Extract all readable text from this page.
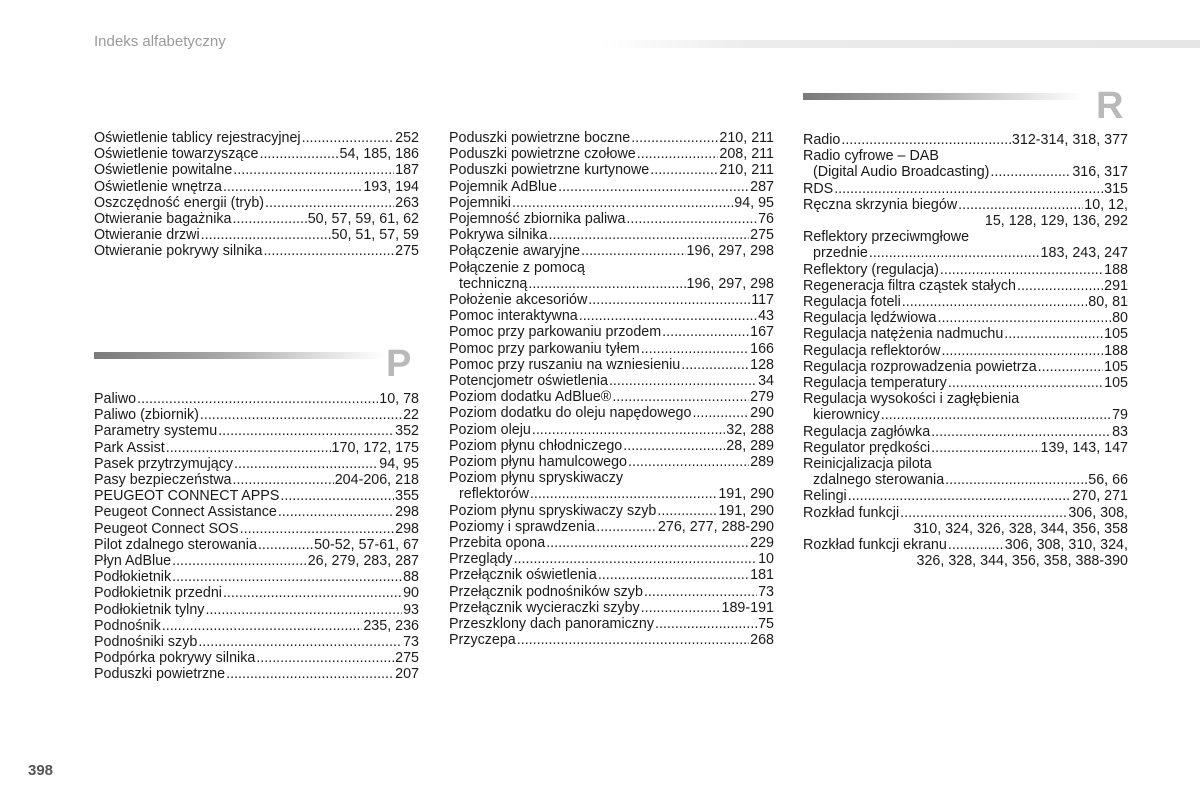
Indeks alfabetyczny
Oświetlenie tablicy rejestracyjnej .....	252
Oświetlenie towarzyszące .....	54, 185, 186
Oświetlenie powitalne .....	187
Oświetlenie wnętrza .....	193, 194
Oszczędność energii (tryb) .....	263
Otwieranie bagażnika .....	50, 57, 59, 61, 62
Otwieranie drzwi .....	50, 51, 57, 59
Otwieranie pokrywy silnika .....	275
P
Paliwo .....	10, 78
Paliwo (zbiornik) .....	22
Parametry systemu .....	352
Park Assist .....	170, 172, 175
Pasek przytrzymujący .....	94, 95
Pasy bezpieczeństwa .....	204-206, 218
PEUGEOT CONNECT APPS .....	355
Peugeot Connect Assistance .....	298
Peugeot Connect SOS .....	298
Pilot zdalnego sterowania .....	50-52, 57-61, 67
Płyn AdBlue .....	26, 279, 283, 287
Podłokietnik .....	88
Podłokietnik przedni .....	90
Podłokietnik tylny .....	93
Podnośnik .....	235, 236
Podnośniki szyb .....	73
Podpórka pokrywy silnika .....	275
Poduszki powietrzne .....	207
Poduszki powietrzne boczne .....	210, 211
Poduszki powietrzne czołowe .....	208, 211
Poduszki powietrzne kurtynowe .....	210, 211
Pojemnik AdBlue .....	287
Pojemniki .....	94, 95
Pojemność zbiornika paliwa .....	76
Pokrywa silnika .....	275
Połączenie awaryjne .....	196, 297, 298
Połączenie z pomocą
techniczną .....	196, 297, 298
Położenie akcesoriów .....	117
Pomoc interaktywna .....	43
Pomoc przy parkowaniu przodem .....	167
Pomoc przy parkowaniu tyłem .....	166
Pomoc przy ruszaniu na wzniesieniu .....	128
Potencjometr oświetlenia .....	34
Poziom dodatku AdBlue® .....	279
Poziom dodatku do oleju napędowego .....	290
Poziom oleju .....	32, 288
Poziom płynu chłodniczego .....	28, 289
Poziom płynu hamulcowego .....	289
Poziom płynu spryskiwaczy
reflektorów .....	191, 290
Poziom płynu spryskiwaczy szyb .....	191, 290
Poziomy i sprawdzenia .....	276, 277, 288-290
Przebita opona .....	229
Przeglądy .....	10
Przełącznik oświetlenia .....	181
Przełącznik podnośników szyb .....	73
Przełącznik wycieraczki szyby .....	189-191
Przeszklony dach panoramiczny .....	75
Przyczepa .....	268
R
Radio .....	312-314, 318, 377
Radio cyfrowe – DAB
(Digital Audio Broadcasting) .....	316, 317
RDS .....	315
Ręczna skrzynia biegów .....	10, 12,
15, 128, 129, 136, 292
Reflektory przeciwmgłowe
przednie .....	183, 243, 247
Reflektory (regulacja) .....	188
Regeneracja filtra cząstek stałych .....	291
Regulacja foteli .....	80, 81
Regulacja lędźwiowa .....	80
Regulacja natężenia nadmuchu .....	105
Regulacja reflektorów .....	188
Regulacja rozprowadzenia powietrza .....	105
Regulacja temperatury .....	105
Regulacja wysokości i zagłębienia
kierownicy .....	79
Regulacja zagłówka .....	83
Regulator prędkości .....	139, 143, 147
Reinicjalizacja pilota
zdalnego sterowania .....	56, 66
Relingi .....	270, 271
Rozkład funkcji .....	306, 308,
310, 324, 326, 328, 344, 356, 358
Rozkład funkcji ekranu .....	306, 308, 310, 324,
326, 328, 344, 356, 358, 388-390
398
